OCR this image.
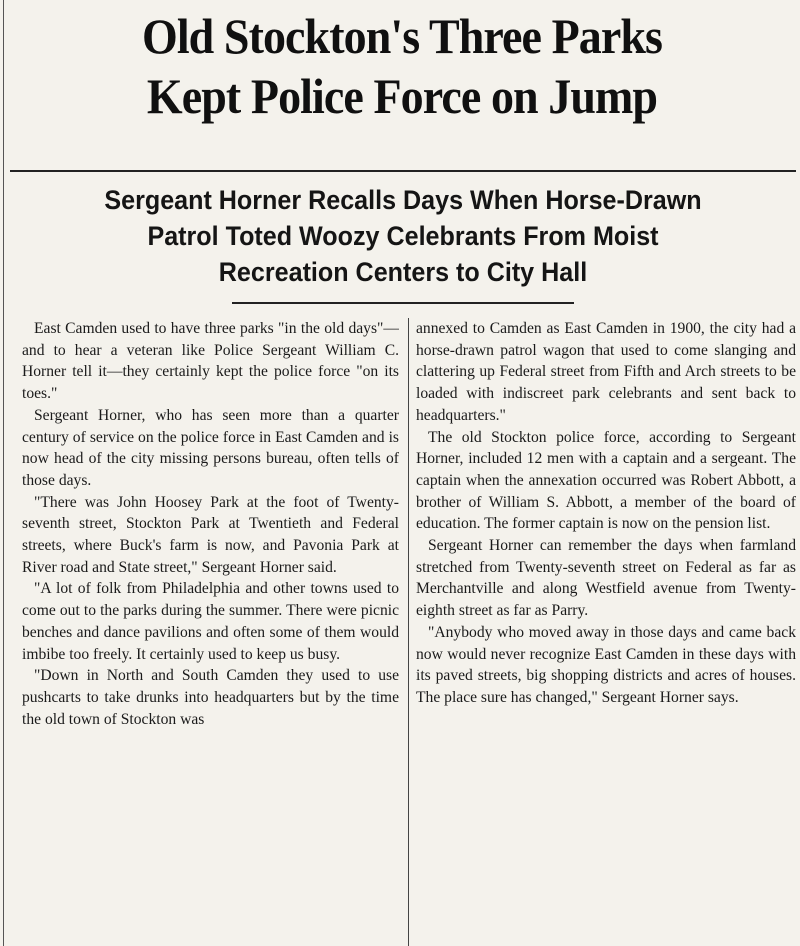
Old Stockton's Three Parks
Kept Police Force on Jump
Sergeant Horner Recalls Days When Horse-Drawn
Patrol Toted Woozy Celebrants From Moist
Recreation Centers to City Hall

East Camden used to have three parks "in the old days"—and to hear a veteran like Police Sergeant William C. Horner tell it—they certainly kept the police force "on its toes."

Sergeant Horner, who has seen more than a quarter century of service on the police force in East Camden and is now head of the city missing persons bureau, often tells of those days.

"There was John Hoosey Park at the foot of Twenty-seventh street, Stockton Park at Twentieth and Federal streets, where Buck's farm is now, and Pavonia Park at River road and State street," Sergeant Horner said.

"A lot of folk from Philadelphia and other towns used to come out to the parks during the summer. There were picnic benches and dance pavilions and often some of them would imbibe too freely. It certainly used to keep us busy.

"Down in North and South Camden they used to use pushcarts to take drunks into headquarters but by the time the old town of Stockton was

annexed to Camden as East Camden in 1900, the city had a horse-drawn patrol wagon that used to come slanging and clattering up Federal street from Fifth and Arch streets to be loaded with indiscreet park celebrants and sent back to headquarters."

The old Stockton police force, according to Sergeant Horner, included 12 men with a captain and a sergeant. The captain when the annexation occurred was Robert Abbott, a brother of William S. Abbott, a member of the board of education. The former captain is now on the pension list.

Sergeant Horner can remember the days when farmland stretched from Twenty-seventh street on Federal as far as Merchantville and along Westfield avenue from Twenty-eighth street as far as Parry.

"Anybody who moved away in those days and came back now would never recognize East Camden in these days with its paved streets, big shopping districts and acres of houses. The place sure has changed," Sergeant Horner says.
